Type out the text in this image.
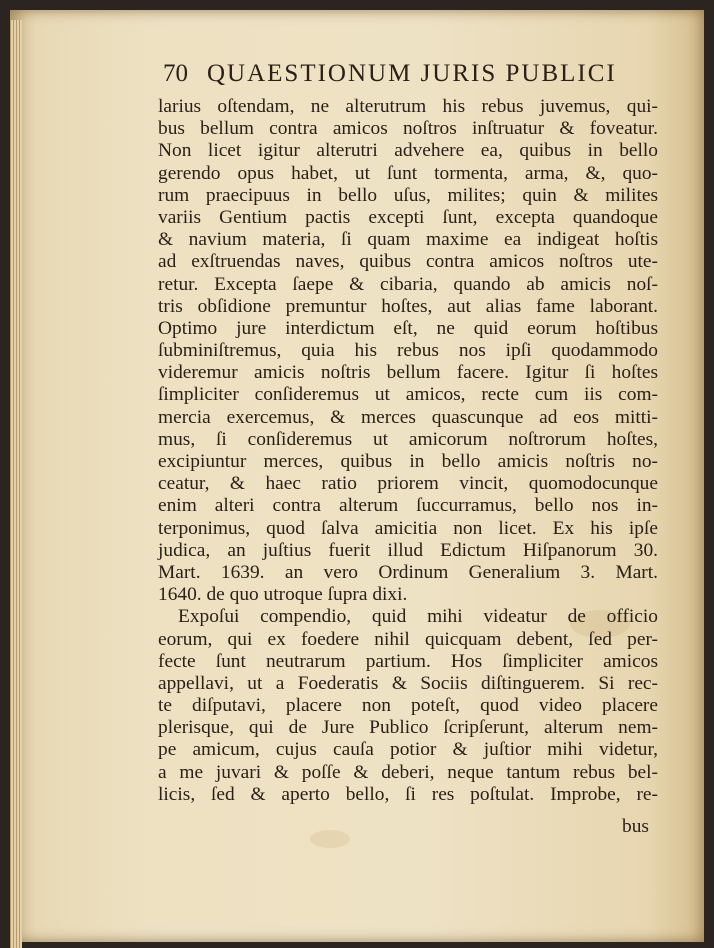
70 QUAESTIONUM JURIS PUBLICI
larius oſtendam, ne alterutrum his rebus juvemus, qui-
bus bellum contra amicos noſtros inſtruatur & foveatur.
Non licet igitur alterutri advehere ea, quibus in bello
gerendo opus habet, ut ſunt tormenta, arma, &, quo-
rum praecipuus in bello uſus, milites; quin & milites
variis Gentium pactis excepti ſunt, excepta quandoque
& navium materia, ſi quam maxime ea indigeat hoſtis
ad exſtruendas naves, quibus contra amicos noſtros ute-
retur. Excepta ſaepe & cibaria, quando ab amicis noſ-
tris obſidione premuntur hoſtes, aut alias fame laborant.
Optimo jure interdictum eſt, ne quid eorum hoſtibus
ſubminiſtremus, quia his rebus nos ipſi quodammodo
videremur amicis noſtris bellum facere. Igitur ſi hoſtes
ſimpliciter conſideremus ut amicos, recte cum iis com-
mercia exercemus, & merces quascunque ad eos mitti-
mus, ſi conſideremus ut amicorum noſtrorum hoſtes,
excipiuntur merces, quibus in bello amicis noſtris no-
ceatur, & haec ratio priorem vincit, quomodocunque
enim alteri contra alterum ſuccurramus, bello nos in-
terponimus, quod ſalva amicitia non licet. Ex his ipſe
judica, an juſtius fuerit illud Edictum Hiſpanorum 30.
Mart. 1639. an vero Ordinum Generalium 3. Mart.
1640. de quo utroque ſupra dixi.
Expoſui compendio, quid mihi videatur de officio
eorum, qui ex foedere nihil quicquam debent, ſed per-
fecte ſunt neutrarum partium. Hos ſimpliciter amicos
appellavi, ut a Foederatis & Sociis diſtinguerem. Si rec-
te diſputavi, placere non poteſt, quod video placere
plerisque, qui de Jure Publico ſcripſerunt, alterum nem-
pe amicum, cujus cauſa potior & juſtior mihi videtur,
a me juvari & poſſe & deberi, neque tantum rebus bel-
licis, ſed & aperto bello, ſi res poſtulat. Improbe, re-
bus
